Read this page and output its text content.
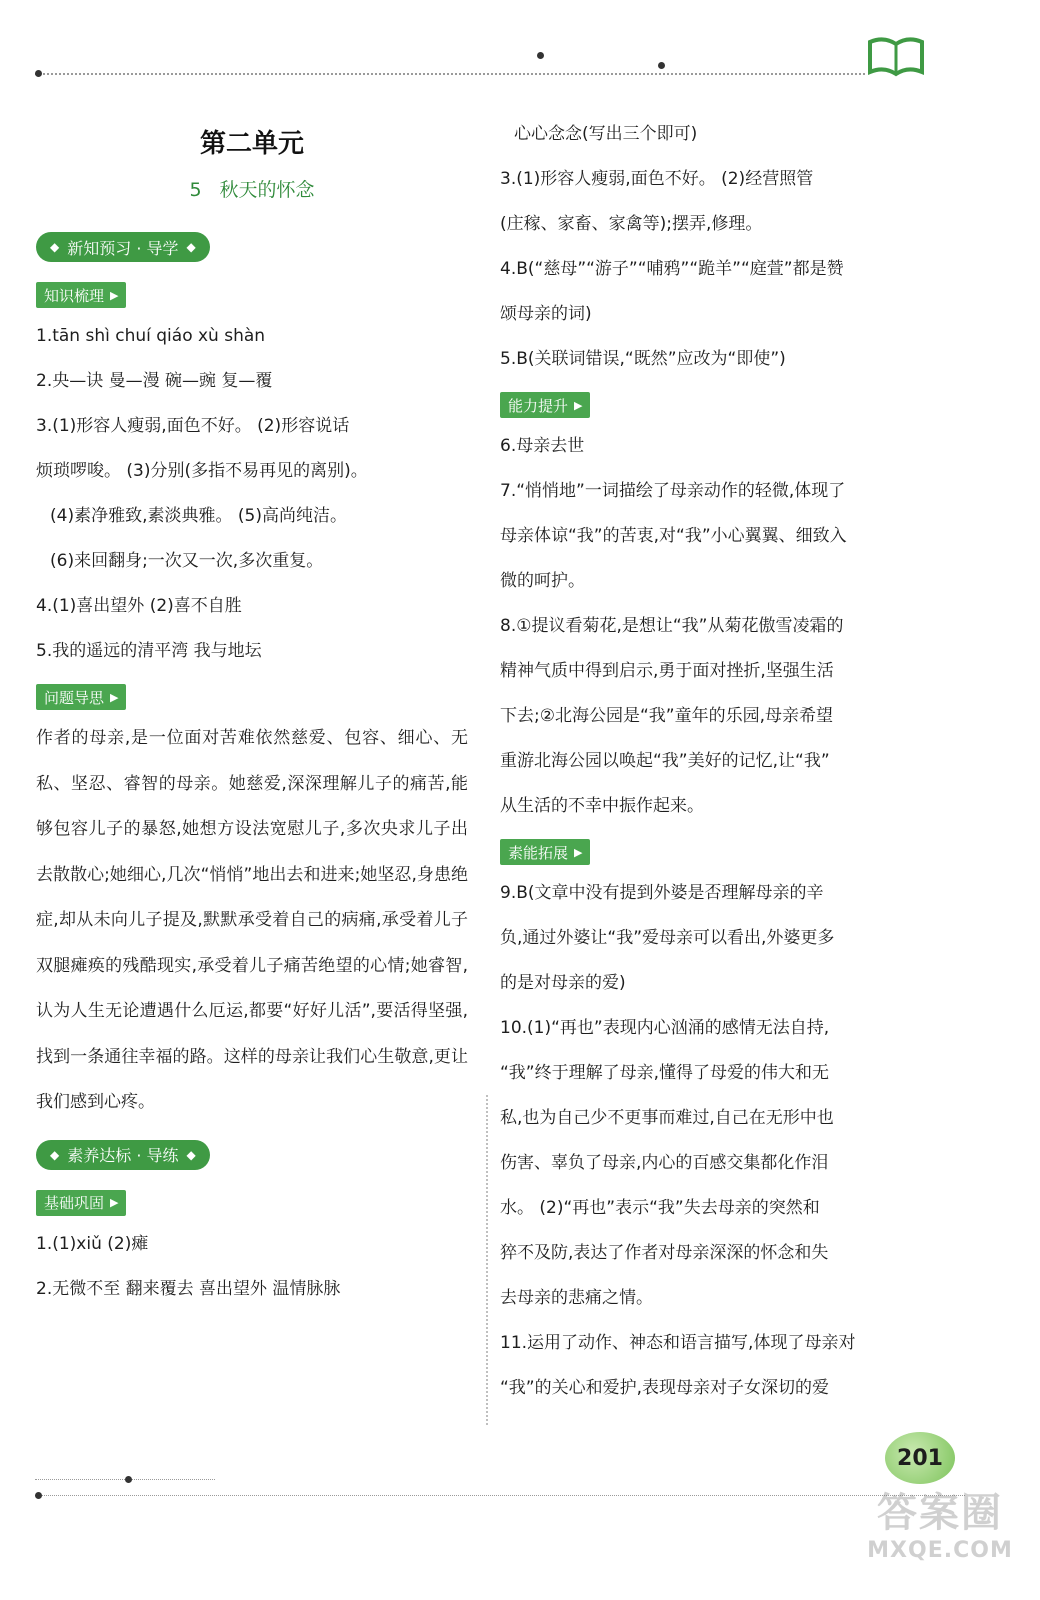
第二单元
5 秋天的怀念
◆ 新知预习 · 导学 ◆
知识梳理 ▶
1.tān shì chuí qiáo xù shàn
2.央—诀 曼—漫 碗—豌 复—覆
3.(1)形容人瘦弱,面色不好。 (2)形容说话
烦琐啰唆。 (3)分别(多指不易再见的离别)。
(4)素净雅致,素淡典雅。 (5)高尚纯洁。
(6)来回翻身;一次又一次,多次重复。
4.(1)喜出望外 (2)喜不自胜
5.我的遥远的清平湾 我与地坛
问题导思 ▶
作者的母亲,是一位面对苦难依然慈爱、包容、细心、无私、坚忍、睿智的母亲。她慈爱,深深理解儿子的痛苦,能够包容儿子的暴怒,她想方设法宽慰儿子,多次央求儿子出去散散心;她细心,几次“悄悄”地出去和进来;她坚忍,身患绝症,却从未向儿子提及,默默承受着自己的病痛,承受着儿子双腿瘫痪的残酷现实,承受着儿子痛苦绝望的心情;她睿智,认为人生无论遭遇什么厄运,都要“好好儿活”,要活得坚强,找到一条通往幸福的路。这样的母亲让我们心生敬意,更让我们感到心疼。
◆ 素养达标 · 导练 ◆
基础巩固 ▶
1.(1)xiǔ (2)瘫
2.无微不至 翻来覆去 喜出望外 温情脉脉
心心念念(写出三个即可)
3.(1)形容人瘦弱,面色不好。 (2)经营照管
(庄稼、家畜、家禽等);摆弄,修理。
4.B(“慈母”“游子”“哺鸦”“跪羊”“庭萱”都是赞
颂母亲的词)
5.B(关联词错误,“既然”应改为“即使”)
能力提升 ▶
6.母亲去世
7.“悄悄地”一词描绘了母亲动作的轻微,体现了
母亲体谅“我”的苦衷,对“我”小心翼翼、细致入
微的呵护。
8.①提议看菊花,是想让“我”从菊花傲雪凌霜的
精神气质中得到启示,勇于面对挫折,坚强生活
下去;②北海公园是“我”童年的乐园,母亲希望
重游北海公园以唤起“我”美好的记忆,让“我”
从生活的不幸中振作起来。
素能拓展 ▶
9.B(文章中没有提到外婆是否理解母亲的辛
负,通过外婆让“我”爱母亲可以看出,外婆更多
的是对母亲的爱)
10.(1)“再也”表现内心汹涌的感情无法自持,
“我”终于理解了母亲,懂得了母爱的伟大和无
私,也为自己少不更事而难过,自己在无形中也
伤害、辜负了母亲,内心的百感交集都化作泪
水。 (2)“再也”表示“我”失去母亲的突然和
猝不及防,表达了作者对母亲深深的怀念和失
去母亲的悲痛之情。
11.运用了动作、神态和语言描写,体现了母亲对
“我”的关心和爱护,表现母亲对子女深切的爱
201
答案圈
MXQE.COM
